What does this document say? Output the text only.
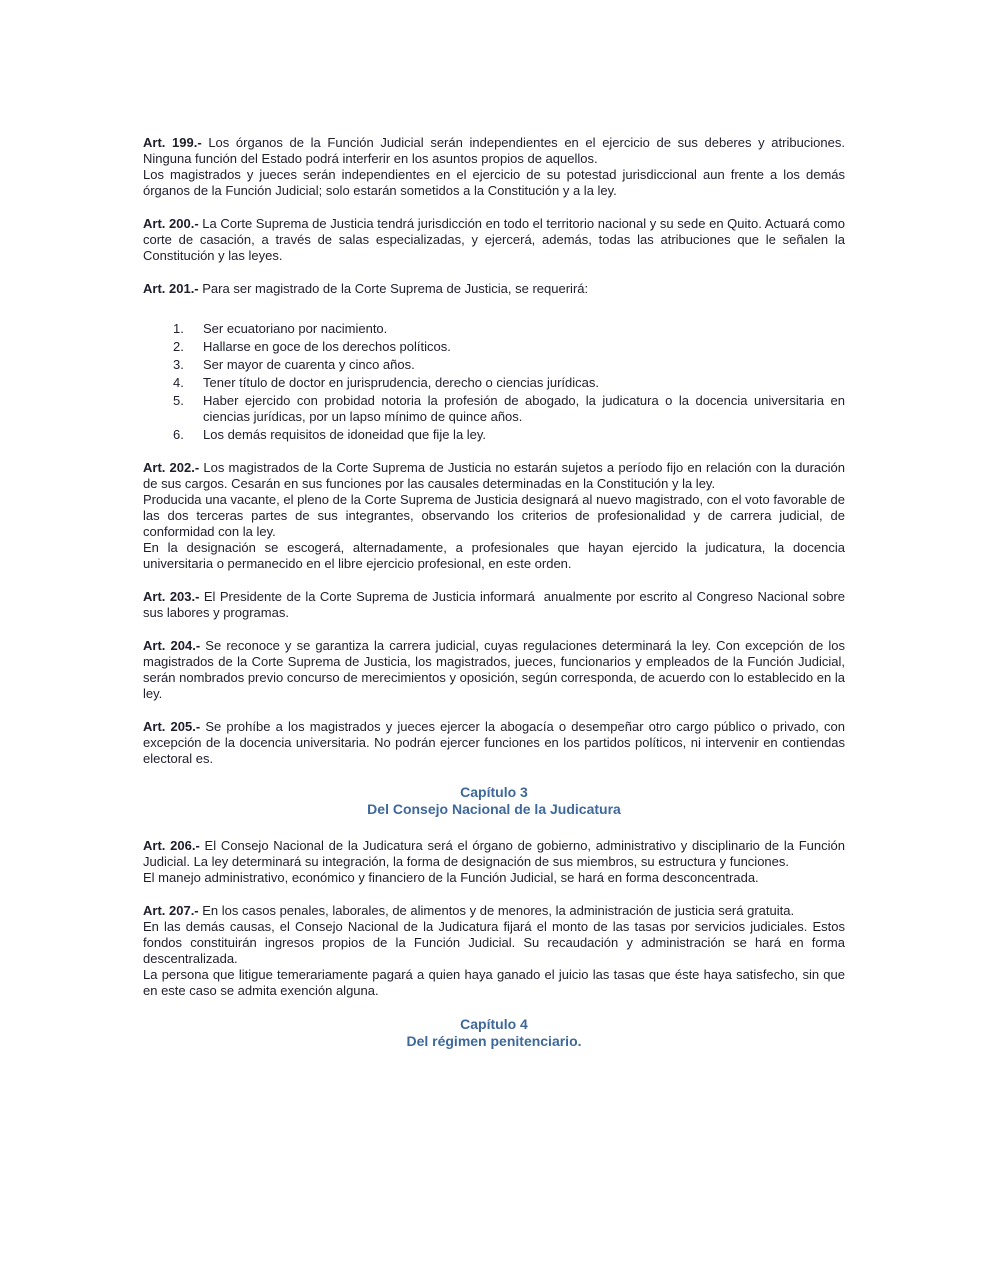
Art. 199.- Los órganos de la Función Judicial serán independientes en el ejercicio de sus deberes y atribuciones. Ninguna función del Estado podrá interferir en los asuntos propios de aquellos.

Los magistrados y jueces serán independientes en el ejercicio de su potestad jurisdiccional aun frente a los demás órganos de la Función Judicial; solo estarán sometidos a la Constitución y a la ley.

Art. 200.- La Corte Suprema de Justicia tendrá jurisdicción en todo el territorio nacional y su sede en Quito. Actuará como corte de casación, a través de salas especializadas, y ejercerá, además, todas las atribuciones que le señalen la Constitución y las leyes.

Art. 201.- Para ser magistrado de la Corte Suprema de Justicia, se requerirá:

1.	Ser ecuatoriano por nacimiento.
2.	Hallarse en goce de los derechos políticos.
3.	Ser mayor de cuarenta y cinco años.
4.	Tener título de doctor en jurisprudencia, derecho o ciencias jurídicas.
5.	Haber ejercido con probidad notoria la profesión de abogado, la judicatura o la docencia universitaria en ciencias jurídicas, por un lapso mínimo de quince años.
6.	Los demás requisitos de idoneidad que fije la ley.

Art. 202.- Los magistrados de la Corte Suprema de Justicia no estarán sujetos a período fijo en relación con la duración de sus cargos. Cesarán en sus funciones por las causales determinadas en la Constitución y la ley.

Producida una vacante, el pleno de la Corte Suprema de Justicia designará al nuevo magistrado, con el voto favorable de las dos terceras partes de sus integrantes, observando los criterios de profesionalidad y de carrera judicial, de conformidad con la ley.

En la designación se escogerá, alternadamente, a profesionales que hayan ejercido la judicatura, la docencia universitaria o permanecido en el libre ejercicio profesional, en este orden.

Art. 203.- El Presidente de la Corte Suprema de Justicia informará  anualmente por escrito al Congreso Nacional sobre sus labores y programas.

Art. 204.- Se reconoce y se garantiza la carrera judicial, cuyas regulaciones determinará la ley. Con excepción de los magistrados de la Corte Suprema de Justicia, los magistrados, jueces, funcionarios y empleados de la Función Judicial, serán nombrados previo concurso de merecimientos y oposición, según corresponda, de acuerdo con lo establecido en la ley.

Art. 205.- Se prohíbe a los magistrados y jueces ejercer la abogacía o desempeñar otro cargo público o privado, con excepción de la docencia universitaria. No podrán ejercer funciones en los partidos políticos, ni intervenir en contiendas electoral es.

Capítulo 3
Del Consejo Nacional de la Judicatura

Art. 206.- El Consejo Nacional de la Judicatura será el órgano de gobierno, administrativo y disciplinario de la Función Judicial. La ley determinará su integración, la forma de designación de sus miembros, su estructura y funciones.

El manejo administrativo, económico y financiero de la Función Judicial, se hará en forma desconcentrada.

Art. 207.- En los casos penales, laborales, de alimentos y de menores, la administración de justicia será gratuita.

En las demás causas, el Consejo Nacional de la Judicatura fijará el monto de las tasas por servicios judiciales. Estos fondos constituirán ingresos propios de la Función Judicial. Su recaudación y administración se hará en forma descentralizada.

La persona que litigue temerariamente pagará a quien haya ganado el juicio las tasas que éste haya satisfecho, sin que en este caso se admita exención alguna.

Capítulo 4
Del régimen penitenciario.
